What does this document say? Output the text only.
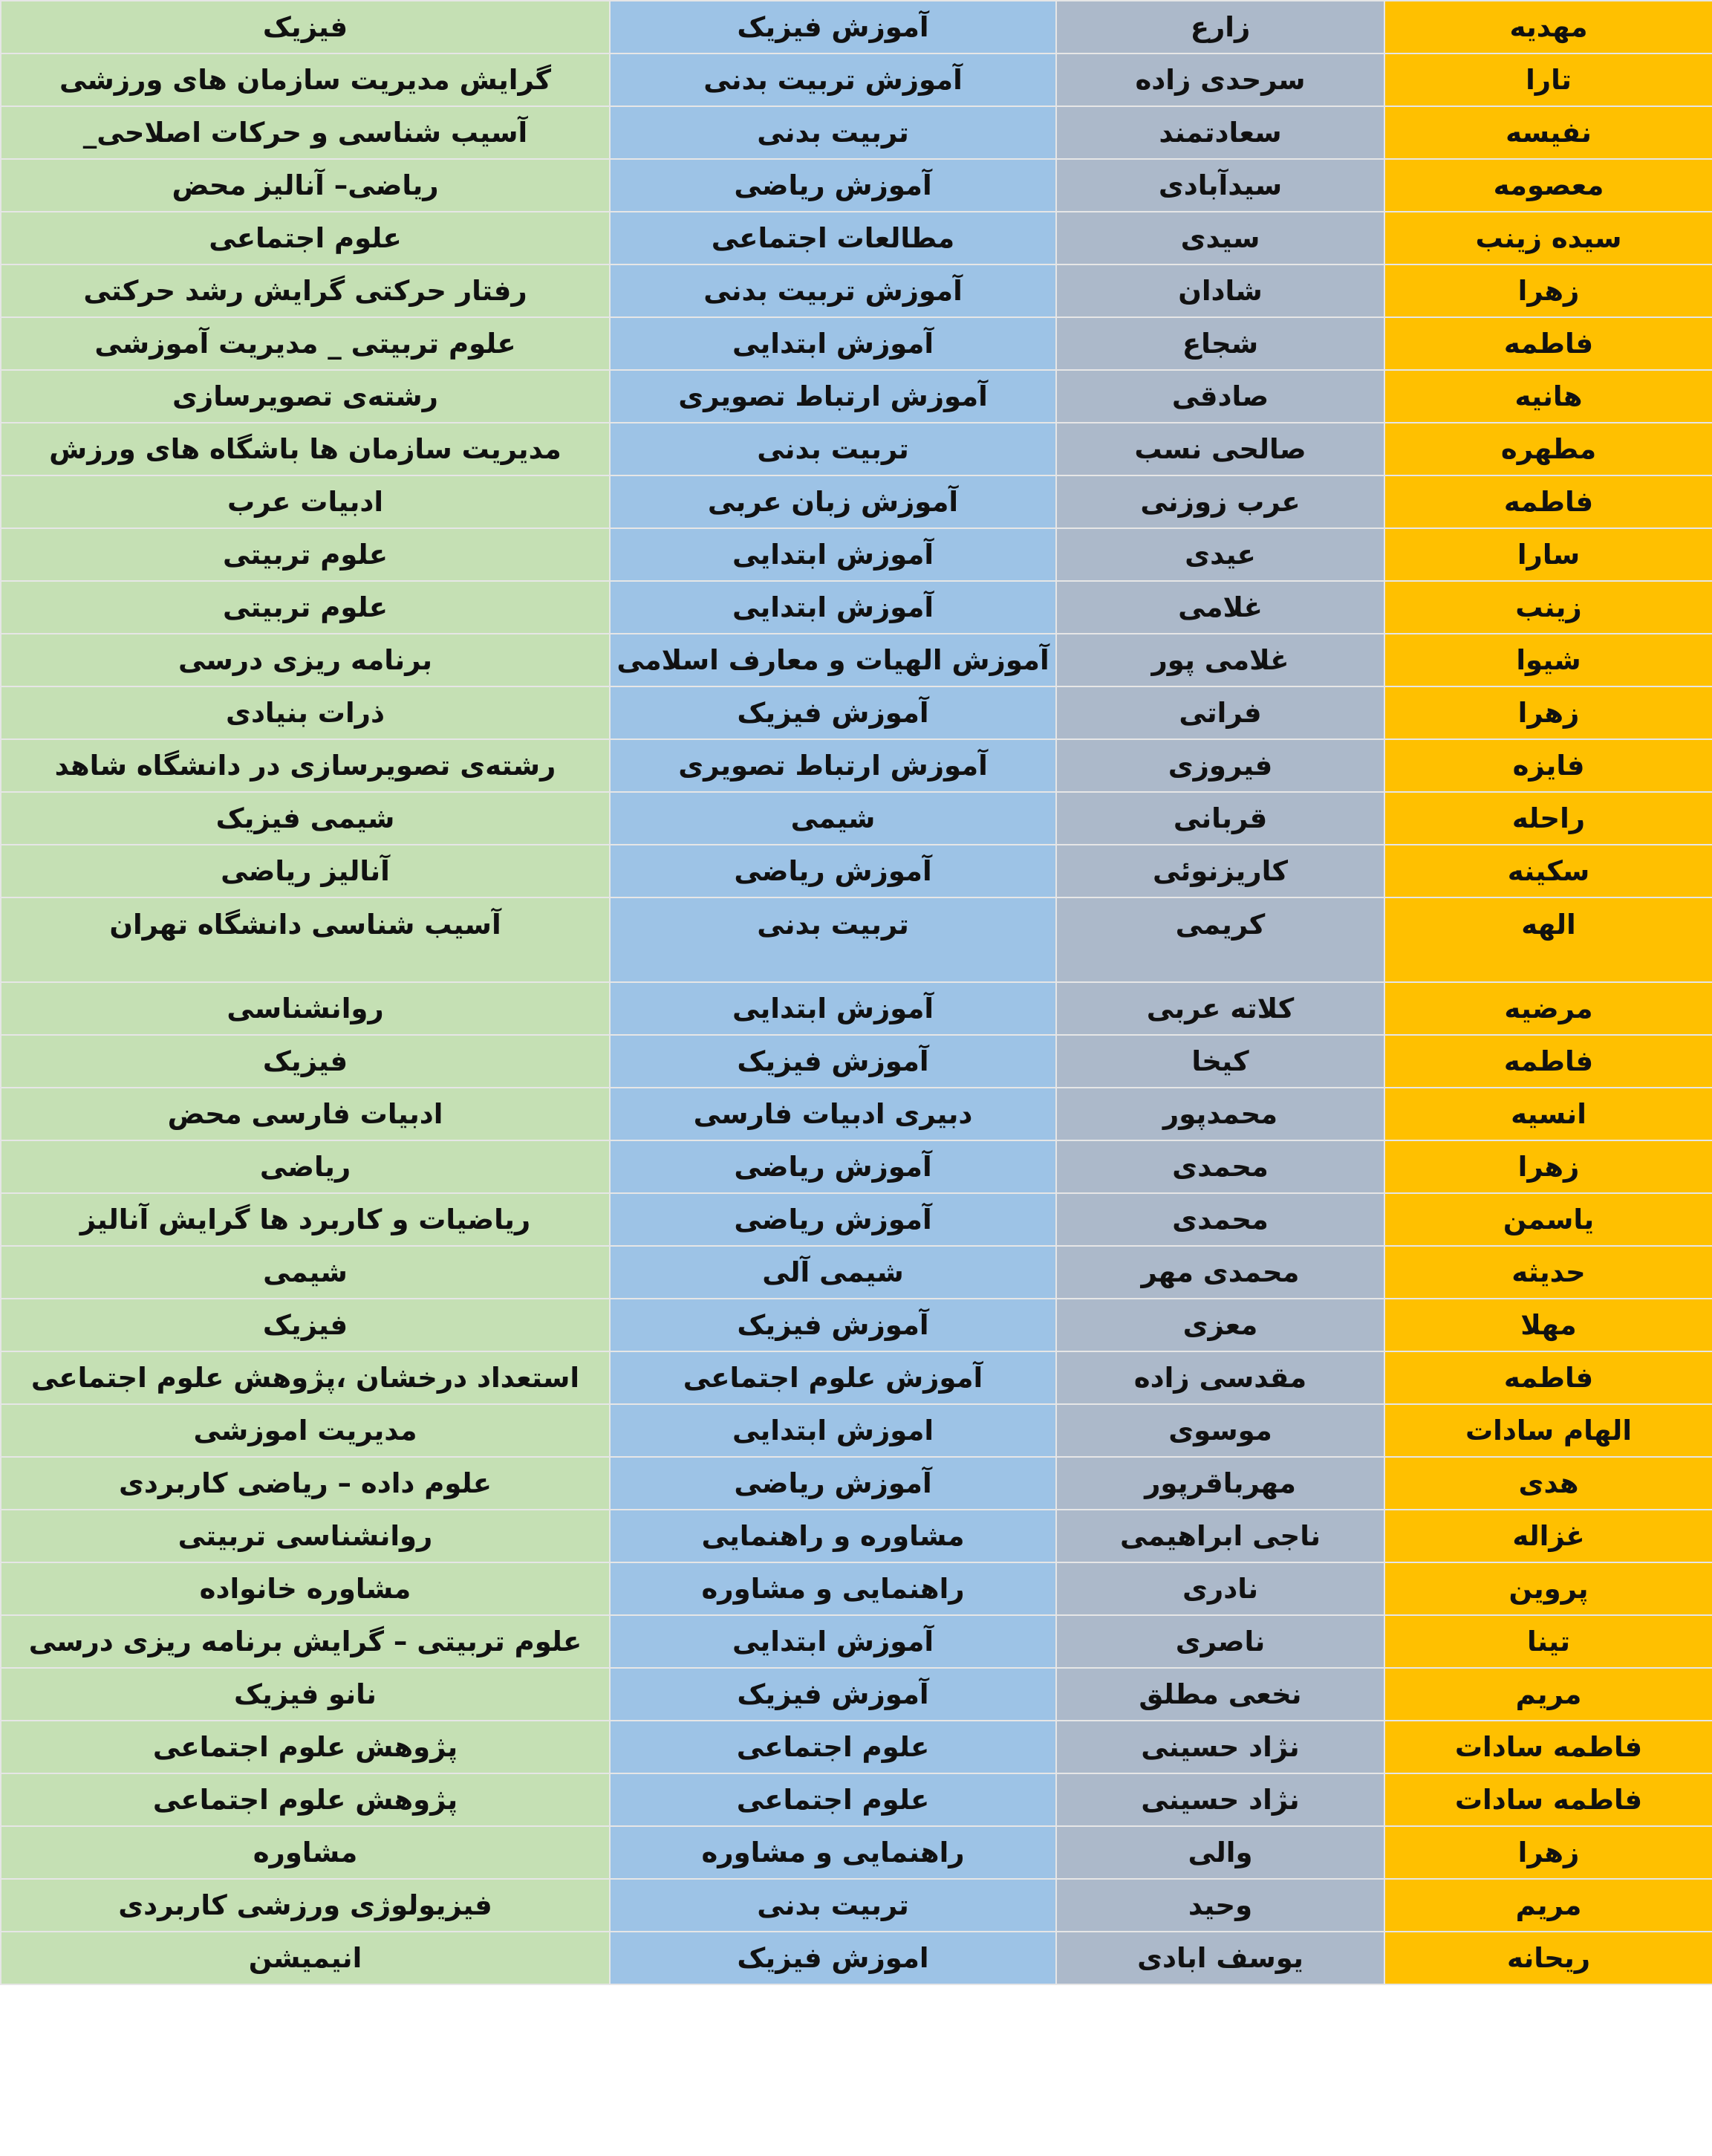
مهدیه	زارع	آموزش فیزیک	فیزیک
تارا	سرحدی زاده	آموزش تربیت بدنی	گرایش مدیریت سازمان های ورزشی
نفیسه	سعادتمند	تربیت بدنی	آسیب شناسی و حرکات اصلاحی_
معصومه	سیدآبادی	آموزش ریاضی	ریاضی– آنالیز محض
سیده زینب	سیدی	مطالعات اجتماعی	علوم اجتماعی
زهرا	شادان	آموزش تربیت بدنی	رفتار حرکتی گرایش رشد حرکتی
فاطمه	شجاع	آموزش ابتدایی	علوم تربیتی _ مدیریت آموزشی
هانیه	صادقی	آموزش ارتباط تصویری	رشته‌ی تصویرسازی
مطهره	صالحی نسب	تربیت بدنی	مدیریت سازمان ها باشگاه های ورزش
فاطمه	عرب زوزنی	آموزش زبان عربی	ادبیات عرب
سارا	عیدی	آموزش ابتدایی	علوم تربیتی
زینب	غلامی	آموزش ابتدایی	علوم تربیتی
شیوا	غلامی پور	آموزش الهیات و معارف اسلامی	برنامه ریزی درسی
زهرا	فراتی	آموزش فیزیک	ذرات بنیادی
فایزه	فیروزی	آموزش ارتباط تصویری	رشته‌ی تصویرسازی در دانشگاه شاهد
راحله	قربانی	شیمی	شیمی فیزیک
سکینه	کاریزنوئی	آموزش ریاضی	آنالیز ریاضی
الهه	کریمی	تربیت بدنی	آسیب شناسی دانشگاه تهران
مرضیه	کلاته عربی	آموزش ابتدایی	روانشناسی
فاطمه	کیخا	آموزش فیزیک	فیزیک
انسیه	محمدپور	دبیری ادبیات فارسی	ادبیات فارسی محض
زهرا	محمدی	آموزش ریاضی	ریاضی
یاسمن	محمدی	آموزش ریاضی	ریاضیات و کاربرد ها گرایش آنالیز
حدیثه	محمدی مهر	شیمی آلی	شیمی
مهلا	معزی	آموزش فیزیک	فیزیک
فاطمه	مقدسی زاده	آموزش علوم اجتماعی	استعداد درخشان ،پژوهش علوم اجتماعی
الهام سادات	موسوی	اموزش ابتدایی	مدیریت اموزشی
هدی	مهرباقرپور	آموزش ریاضی	علوم داده – ریاضی کاربردی
غزاله	ناجی ابراهیمی	مشاوره و راهنمایی	روانشناسی تربیتی
پروین	نادری	راهنمایی و مشاوره	مشاوره خانواده
تینا	ناصری	آموزش ابتدایی	علوم تربیتی – گرایش برنامه ریزی درسی
مریم	نخعی مطلق	آموزش فیزیک	نانو فیزیک
فاطمه سادات	نژاد حسینی	علوم اجتماعی	پژوهش علوم اجتماعی
فاطمه سادات	نژاد حسینی	علوم اجتماعی	پژوهش علوم اجتماعی
زهرا	والی	راهنمایی و مشاوره	مشاوره
مریم	وحید	تربیت بدنی	فیزیولوژی ورزشی کاربردی
ریحانه	یوسف ابادی	اموزش فیزیک	انیمیشن
